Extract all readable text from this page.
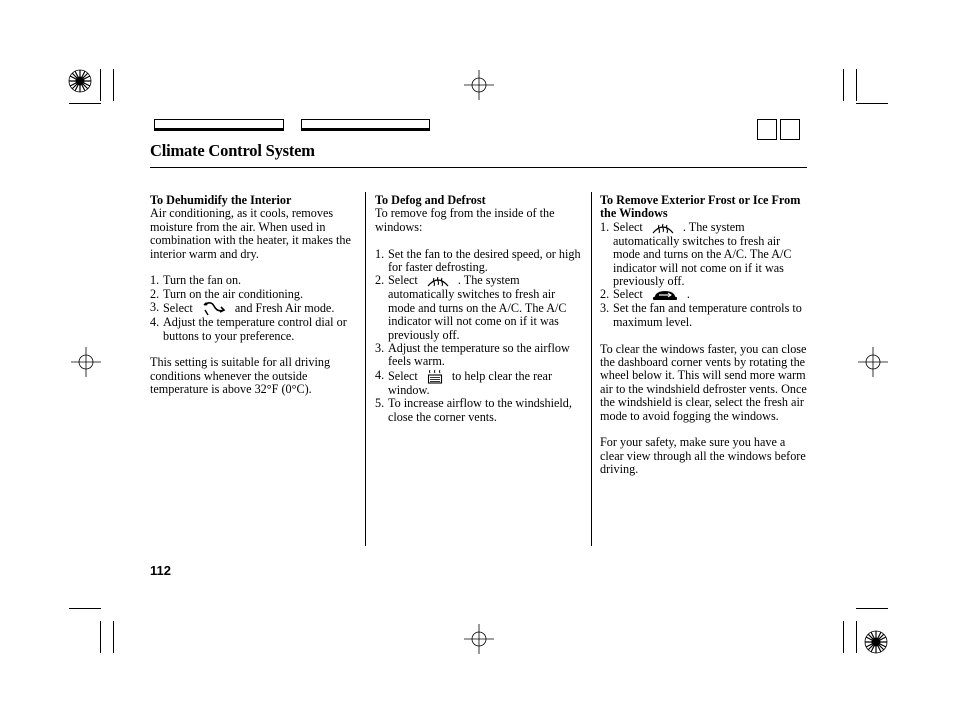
Climate Control System

To Dehumidify the Interior

Air conditioning, as it cools, removes moisture from the air. When used in combination with the heater, it makes the interior warm and dry.

1. Turn the fan on.
2. Turn on the air conditioning.
3. Select	and Fresh Air mode.
4. Adjust the temperature control dial or buttons to your preference.

This setting is suitable for all driving conditions whenever the outside temperature is above 32°F (0°C).

To Defog and Defrost

To remove fog from the inside of the windows:

1. Set the fan to the desired speed, or high for faster defrosting.
2. Select	. The system automatically switches to fresh air mode and turns on the A/C. The A/C indicator will not come on if it was previously off.
3. Adjust the temperature so the airflow feels warm.
4. Select	to help clear the rear window.
5. To increase airflow to the windshield, close the corner vents.

To Remove Exterior Frost or Ice From the Windows

1. Select	. The system automatically switches to fresh air mode and turns on the A/C. The A/C indicator will not come on if it was previously off.
2. Select	.
3. Set the fan and temperature controls to maximum level.

To clear the windows faster, you can close the dashboard corner vents by rotating the wheel below it. This will send more warm air to the windshield defroster vents. Once the windshield is clear, select the fresh air mode to avoid fogging the windows.

For your safety, make sure you have a clear view through all the windows before driving.

112
